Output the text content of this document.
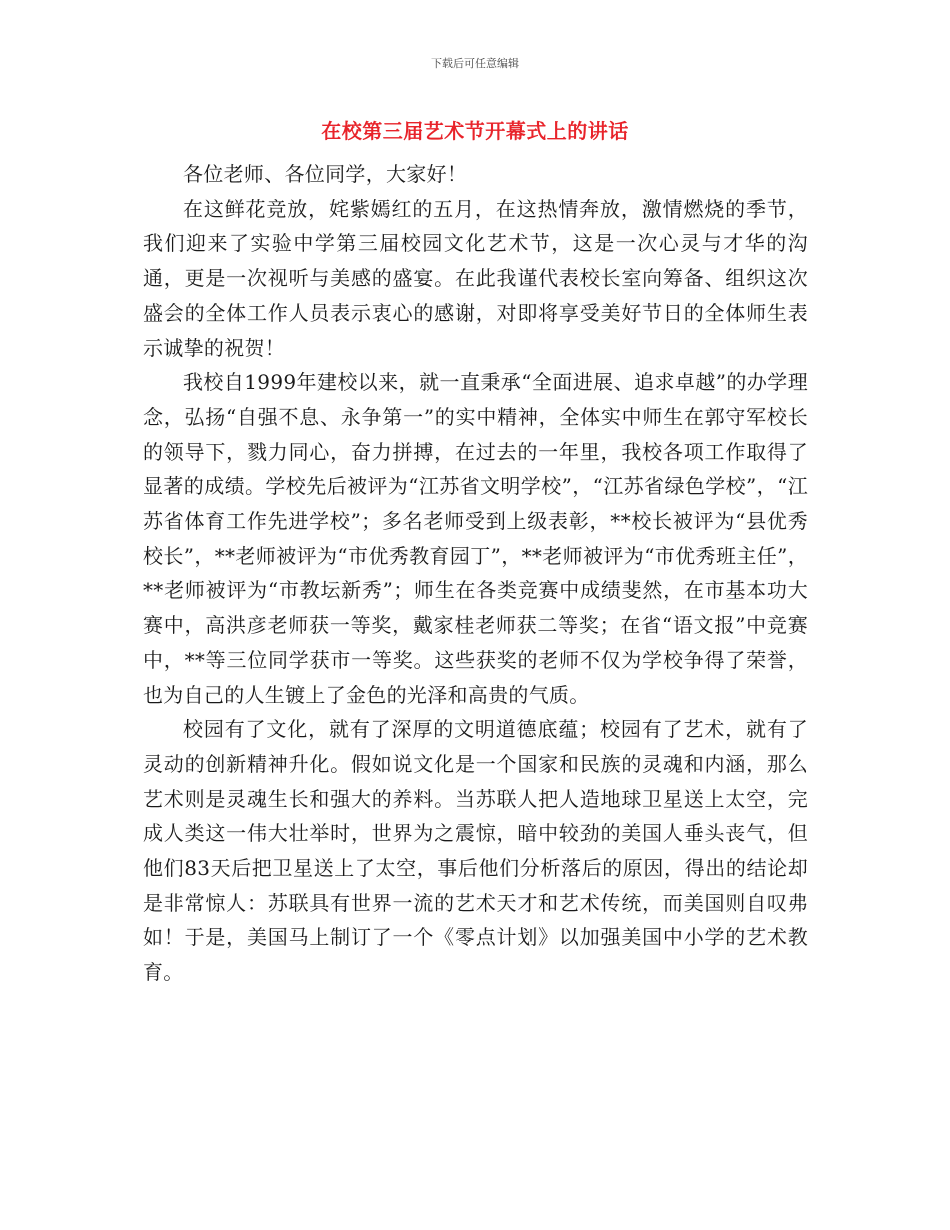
下载后可任意编辑
在校第三届艺术节开幕式上的讲话

各位老师、各位同学，大家好！

在这鲜花竞放，姹紫嫣红的五月，在这热情奔放，激情燃烧的季节，我们迎来了实验中学第三届校园文化艺术节，这是一次心灵与才华的沟通，更是一次视听与美感的盛宴。在此我谨代表校长室向筹备、组织这次盛会的全体工作人员表示衷心的感谢，对即将享受美好节日的全体师生表示诚挚的祝贺！

我校自1999年建校以来，就一直秉承“全面进展、追求卓越”的办学理念，弘扬“自强不息、永争第一”的实中精神，全体实中师生在郭守军校长的领导下，戮力同心，奋力拼搏，在过去的一年里，我校各项工作取得了显著的成绩。学校先后被评为“江苏省文明学校”，“江苏省绿色学校”，“江苏省体育工作先进学校”；多名老师受到上级表彰，**校长被评为“县优秀校长”，**老师被评为“市优秀教育园丁”，**老师被评为“市优秀班主任”，**老师被评为“市教坛新秀”；师生在各类竞赛中成绩斐然，在市基本功大赛中，高洪彦老师获一等奖，戴家桂老师获二等奖；在省“语文报”中竞赛中，**等三位同学获市一等奖。这些获奖的老师不仅为学校争得了荣誉，也为自己的人生镀上了金色的光泽和高贵的气质。

校园有了文化，就有了深厚的文明道德底蕴；校园有了艺术，就有了灵动的创新精神升化。假如说文化是一个国家和民族的灵魂和内涵，那么艺术则是灵魂生长和强大的养料。当苏联人把人造地球卫星送上太空，完成人类这一伟大壮举时，世界为之震惊，暗中较劲的美国人垂头丧气，但他们83天后把卫星送上了太空，事后他们分析落后的原因，得出的结论却是非常惊人：苏联具有世界一流的艺术天才和艺术传统，而美国则自叹弗如！于是，美国马上制订了一个《零点计划》以加强美国中小学的艺术教育。
